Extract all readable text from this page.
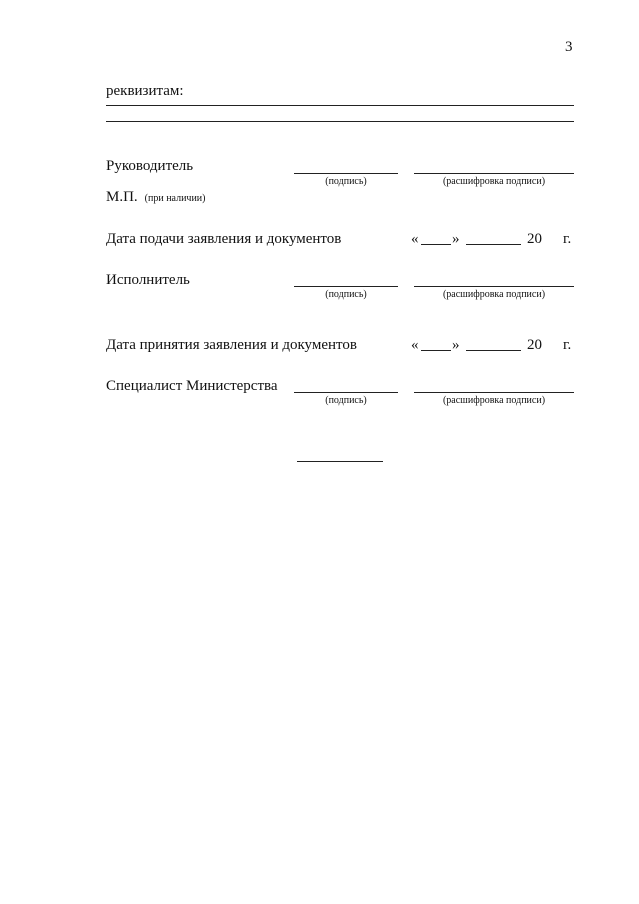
3
реквизитам:
Руководитель
(подпись)	(расшифровка подписи)
М.П. (при наличии)
Дата подачи заявления и документов	« »	20 г.
Исполнитель
(подпись)	(расшифровка подписи)
Дата принятия заявления и документов	« »	20 г.
Специалист Министерства
(подпись)	(расшифровка подписи)
